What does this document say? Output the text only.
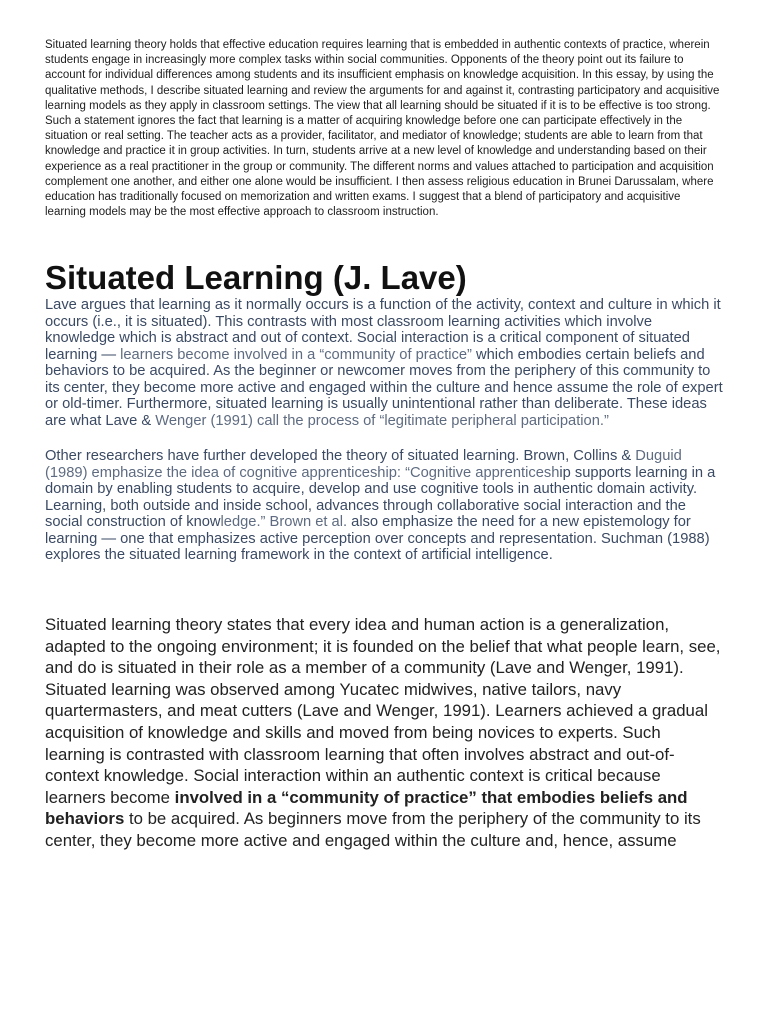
Situated learning theory holds that effective education requires learning that is embedded in authentic contexts of practice, wherein students engage in increasingly more complex tasks within social communities. Opponents of the theory point out its failure to account for individual differences among students and its insufficient emphasis on knowledge acquisition. In this essay, by using the qualitative methods, I describe situated learning and review the arguments for and against it, contrasting participatory and acquisitive learning models as they apply in classroom settings. The view that all learning should be situated if it is to be effective is too strong. Such a statement ignores the fact that learning is a matter of acquiring knowledge before one can participate effectively in the situation or real setting. The teacher acts as a provider, facilitator, and mediator of knowledge; students are able to learn from that knowledge and practice it in group activities. In turn, students arrive at a new level of knowledge and understanding based on their experience as a real practitioner in the group or community. The different norms and values attached to participation and acquisition complement one another, and either one alone would be insufficient. I then assess religious education in Brunei Darussalam, where education has traditionally focused on memorization and written exams. I suggest that a blend of participatory and acquisitive learning models may be the most effective approach to classroom instruction.

Situated Learning (J. Lave)

Lave argues that learning as it normally occurs is a function of the activity, context and culture in which it occurs (i.e., it is situated). This contrasts with most classroom learning activities which involve knowledge which is abstract and out of context. Social interaction is a critical component of situated learning — learners become involved in a “community of practice” which embodies certain beliefs and behaviors to be acquired. As the beginner or newcomer moves from the periphery of this community to its center, they become more active and engaged within the culture and hence assume the role of expert or old-timer. Furthermore, situated learning is usually unintentional rather than deliberate. These ideas are what Lave & Wenger (1991) call the process of “legitimate peripheral participation.”

Other researchers have further developed the theory of situated learning. Brown, Collins & Duguid (1989) emphasize the idea of cognitive apprenticeship: “Cognitive apprenticeship supports learning in a domain by enabling students to acquire, develop and use cognitive tools in authentic domain activity. Learning, both outside and inside school, advances through collaborative social interaction and the social construction of knowledge.” Brown et al. also emphasize the need for a new epistemology for learning — one that emphasizes active perception over concepts and representation. Suchman (1988) explores the situated learning framework in the context of artificial intelligence.

Situated learning theory states that every idea and human action is a generalization, adapted to the ongoing environment; it is founded on the belief that what people learn, see, and do is situated in their role as a member of a community (Lave and Wenger, 1991). Situated learning was observed among Yucatec midwives, native tailors, navy quartermasters, and meat cutters (Lave and Wenger, 1991). Learners achieved a gradual acquisition of knowledge and skills and moved from being novices to experts. Such learning is contrasted with classroom learning that often involves abstract and out-of-context knowledge. Social interaction within an authentic context is critical because learners become involved in a “community of practice” that embodies beliefs and behaviors to be acquired. As beginners move from the periphery of the community to its center, they become more active and engaged within the culture and, hence, assume
